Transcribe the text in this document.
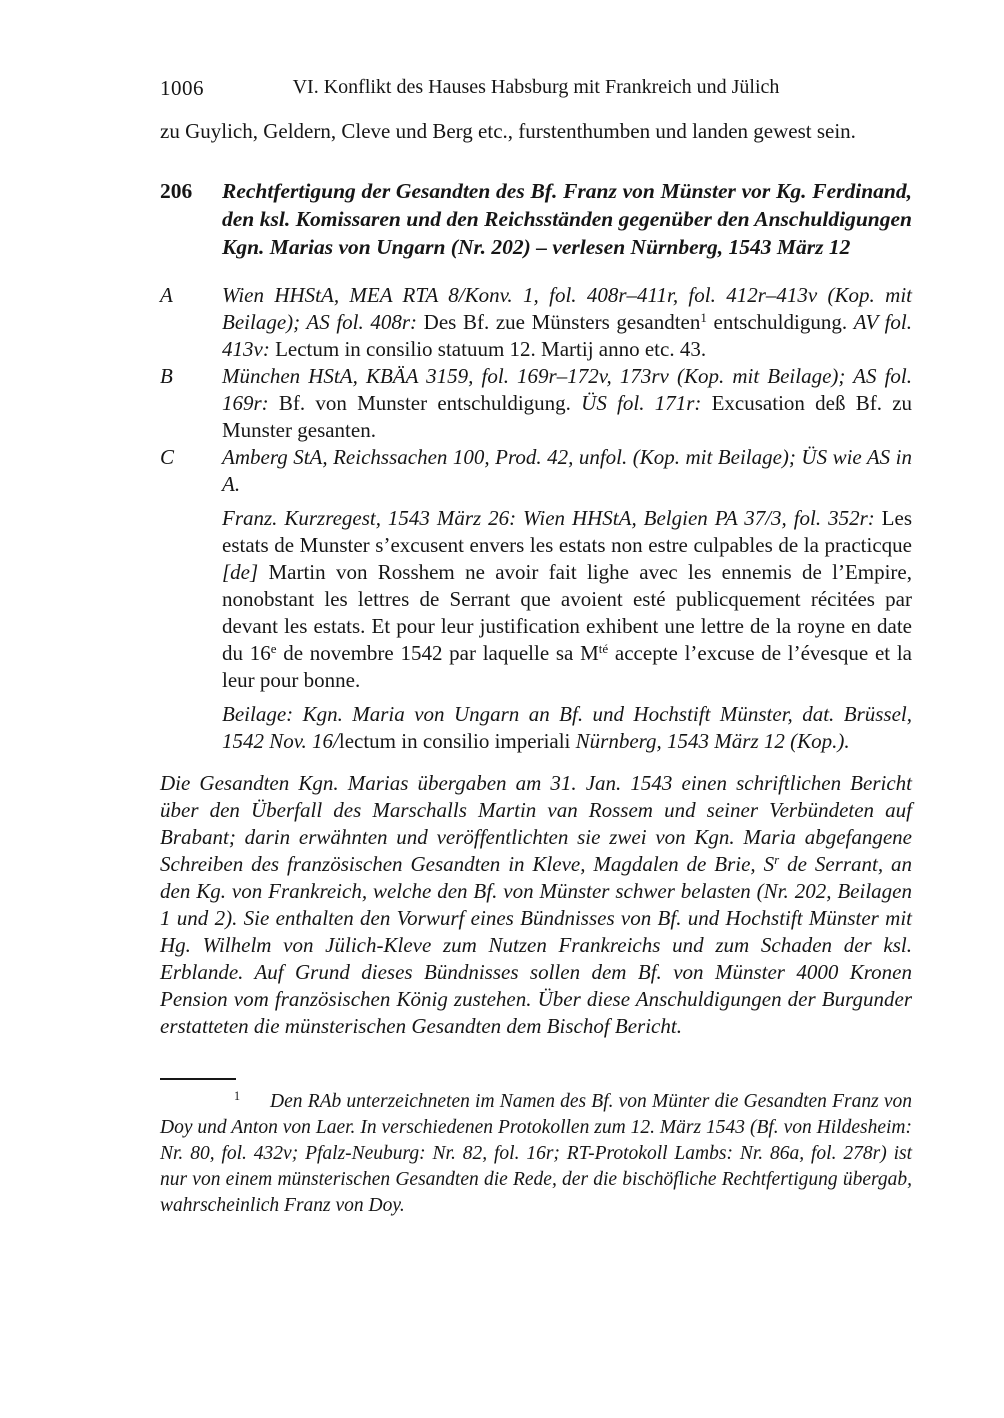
1006	VI. Konflikt des Hauses Habsburg mit Frankreich und Jülich

zu Guylich, Geldern, Cleve und Berg etc., furstenthumben und landen gewest sein.

206 Rechtfertigung der Gesandten des Bf. Franz von Münster vor Kg. Ferdinand, den ksl. Komissaren und den Reichsständen gegenüber den Anschuldigungen Kgn. Marias von Ungarn (Nr. 202) – verlesen Nürnberg, 1543 März 12
A Wien HHStA, MEA RTA 8/Konv. 1, fol. 408r–411r, fol. 412r–413v (Kop. mit Beilage); AS fol. 408r: Des Bf. zue Münsters gesandten$^1$ entschuldigung. AV fol. 413v: Lectum in consilio statuum 12. Martij anno etc. 43.
B München HStA, KBÄA 3159, fol. 169r–172v, 173rv (Kop. mit Beilage); AS fol. 169r: Bf. von Munster entschuldigung. ÜS fol. 171r: Excusation deß Bf. zu Munster gesanten.
C Amberg StA, Reichssachen 100, Prod. 42, unfol. (Kop. mit Beilage); ÜS wie AS in A.

Franz. Kurzregest, 1543 März 26: Wien HHStA, Belgien PA 37/3, fol. 352r: Les estats de Munster s’excusent envers les estats non estre culpables de la practicque [de] Martin von Rosshem ne avoir fait lighe avec les ennemis de l’Empire, nonobstant les lettres de Serrant que avoient esté publicquement récitées par devant les estats. Et pour leur justification exhibent une lettre de la royne en date du 16e de novembre 1542 par laquelle sa $M^{té}$ accepte l’excuse de l’évesque et la leur pour bonne.

Beilage: Kgn. Maria von Ungarn an Bf. und Hochstift Münster, dat. Brüssel, 1542 Nov. 16/lectum in consilio imperiali Nürnberg, 1543 März 12 (Kop.).

Die Gesandten Kgn. Marias übergaben am 31. Jan. 1543 einen schriftlichen Bericht über den Überfall des Marschalls Martin van Rossem und seiner Verbündeten auf Brabant; darin erwähnten und veröffentlichten sie zwei von Kgn. Maria abgefangene Schreiben des französischen Gesandten in Kleve, Magdalen de Brie, $S^r$ de Serrant, an den Kg. von Frankreich, welche den Bf. von Münster schwer belasten (Nr. 202, Beilagen 1 und 2). Sie enthalten den Vorwurf eines Bündnisses von Bf. und Hochstift Münster mit Hg. Wilhelm von Jülich-Kleve zum Nutzen Frankreichs und zum Schaden der ksl. Erblande. Auf Grund dieses Bündnisses sollen dem Bf. von Münster 4000 Kronen Pension vom französischen König zustehen. Über diese Anschuldigungen der Burgunder erstatteten die münsterischen Gesandten dem Bischof Bericht.

$^1$ Den RAb unterzeichneten im Namen des Bf. von Münter die Gesandten Franz von Doy und Anton von Laer. In verschiedenen Protokollen zum 12. März 1543 (Bf. von Hildesheim: Nr. 80, fol. 432v; Pfalz-Neuburg: Nr. 82, fol. 16r; RT-Protokoll Lambs: Nr. 86a, fol. 278r) ist nur von einem münsterischen Gesandten die Rede, der die bischöfliche Rechtfertigung übergab, wahrscheinlich Franz von Doy.
